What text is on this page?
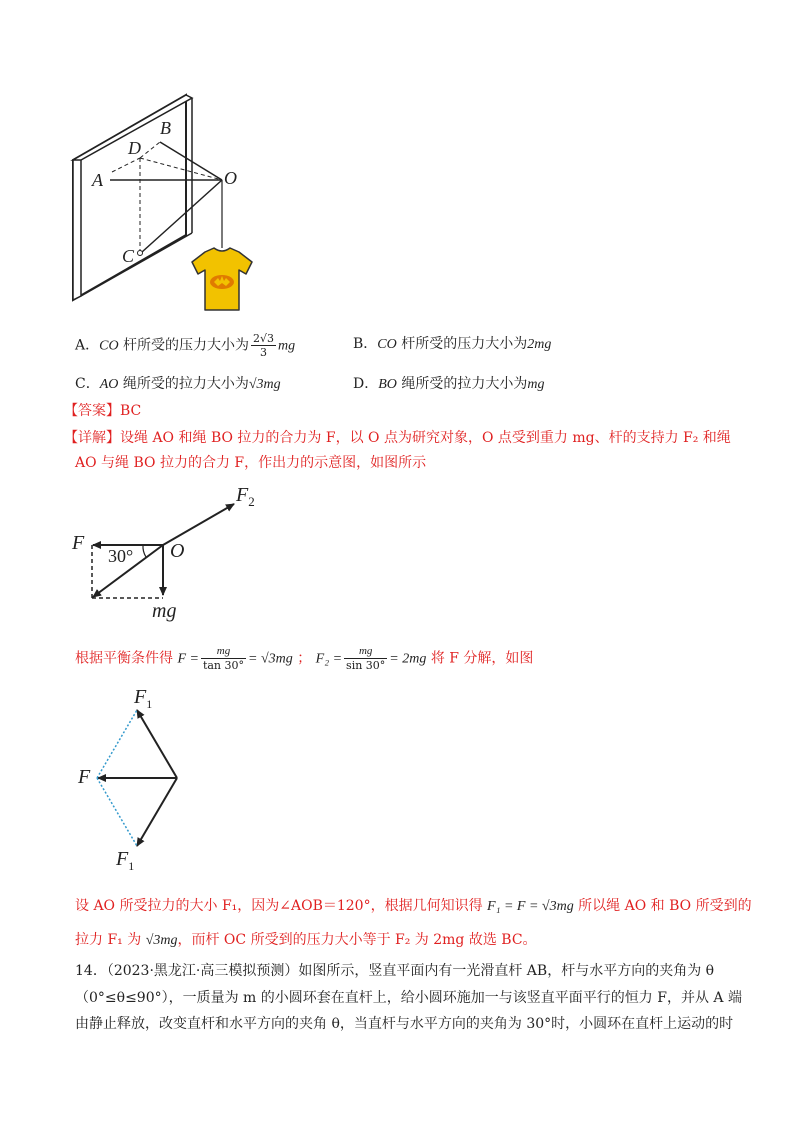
B
D
A	O
C
A．CO 杆所受的压力大小为 $\frac{2√3}{3}$ mg	B．CO 杆所受的压力大小为2mg
C．AO 绳所受的拉力大小为√3mg	D．BO 绳所受的拉力大小为mg
【答案】BC
【详解】设绳 AO 和绳 BO 拉力的合力为 F，以 O 点为研究对象，O 点受到重力 mg、杆的支持力 F₂ 和绳
AO 与绳 BO 拉力的合力 F，作出力的示意图，如图所示
$F_2$
F
30° O
mg
根据平衡条件得 $F = \frac{mg}{\tan 30^\circ} = √3mg$ ； $F_2 = \frac{mg}{\sin 30^\circ} = 2mg$ 将 F 分解，如图
$F_1$
F
$F_1$
设 AO 所受拉力的大小 F₁，因为∠AOB＝120°，根据几何知识得 F₁ = F = √3mg 所以绳 AO 和 BO 所受到的
拉力 F₁ 为 √3mg，而杆 OC 所受到的压力大小等于 F₂ 为 2mg 故选 BC。
14．（2023·黑龙江·高三模拟预测）如图所示，竖直平面内有一光滑直杆 AB，杆与水平方向的夹角为 θ
（0°≤θ≤90°），一质量为 m 的小圆环套在直杆上，给小圆环施加一与该竖直平面平行的恒力 F，并从 A 端
由静止释放，改变直杆和水平方向的夹角 θ，当直杆与水平方向的夹角为 30°时，小圆环在直杆上运动的时
